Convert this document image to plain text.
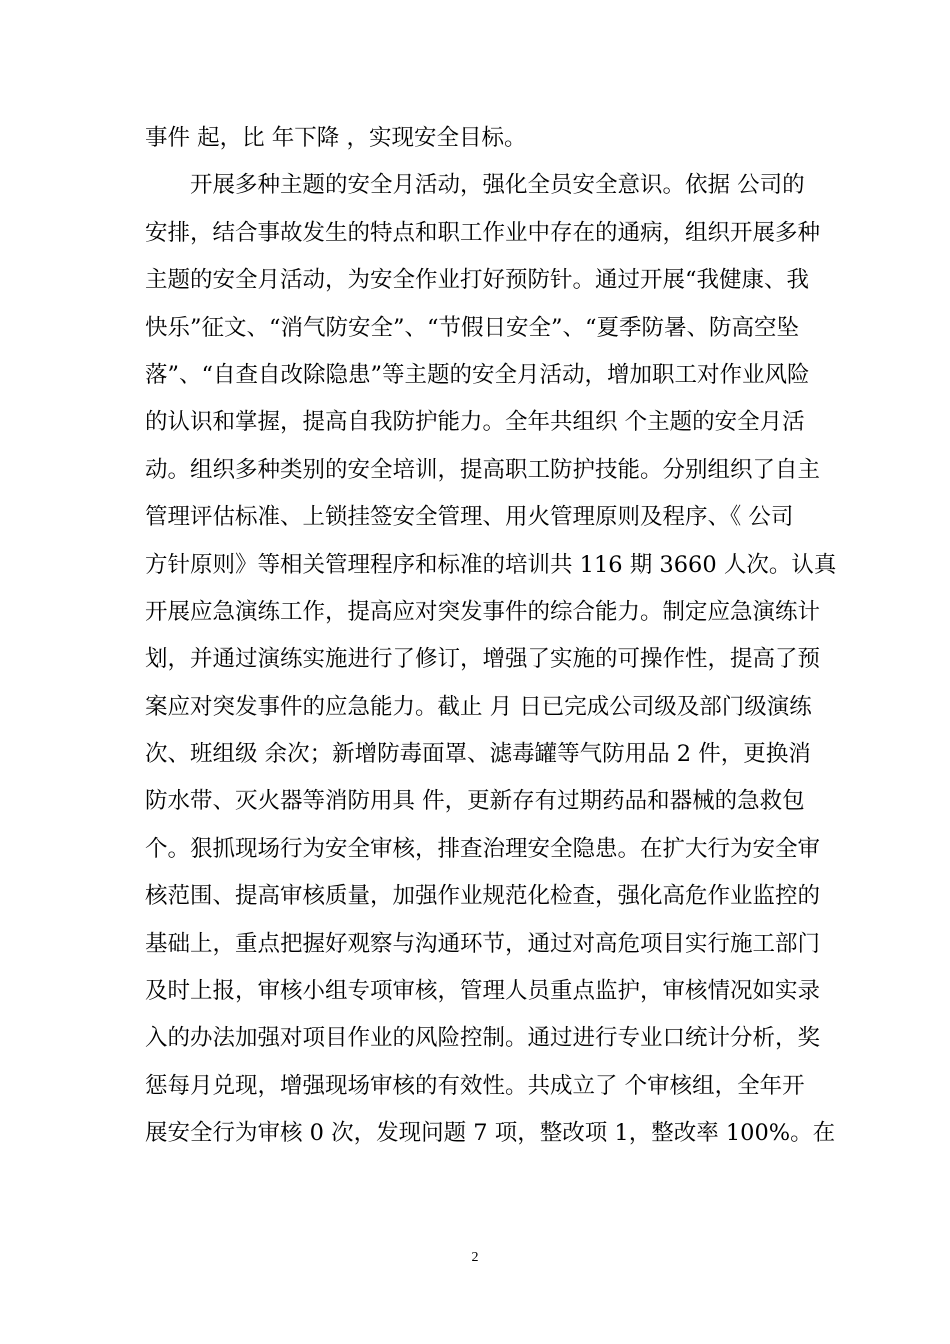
事件 起，比 年下降 ，实现安全目标。
开展多种主题的安全月活动，强化全员安全意识。依据 公司的
安排，结合事故发生的特点和职工作业中存在的通病，组织开展多种
主题的安全月活动，为安全作业打好预防针。通过开展“我健康、我
快乐”征文、“消气防安全”、“节假日安全”、“夏季防暑、防高空坠
落”、“自查自改除隐患”等主题的安全月活动，增加职工对作业风险
的认识和掌握，提高自我防护能力。全年共组织 个主题的安全月活
动。组织多种类别的安全培训，提高职工防护技能。分别组织了自主
管理评估标准、上锁挂签安全管理、用火管理原则及程序、《 公司
方针原则》等相关管理程序和标准的培训共 116 期 3660 人次。认真
开展应急演练工作，提高应对突发事件的综合能力。制定应急演练计
划，并通过演练实施进行了修订，增强了实施的可操作性，提高了预
案应对突发事件的应急能力。截止 月 日已完成公司级及部门级演练
次、班组级 余次；新增防毒面罩、滤毒罐等气防用品 2 件，更换消
防水带、灭火器等消防用具 件，更新存有过期药品和器械的急救包
个。狠抓现场行为安全审核，排查治理安全隐患。在扩大行为安全审
核范围、提高审核质量，加强作业规范化检查，强化高危作业监控的
基础上，重点把握好观察与沟通环节，通过对高危项目实行施工部门
及时上报，审核小组专项审核，管理人员重点监护，审核情况如实录
入的办法加强对项目作业的风险控制。通过进行专业口统计分析，奖
惩每月兑现，增强现场审核的有效性。共成立了 个审核组，全年开
展安全行为审核 0 次，发现问题 7 项，整改项 1，整改率 100%。在
2
